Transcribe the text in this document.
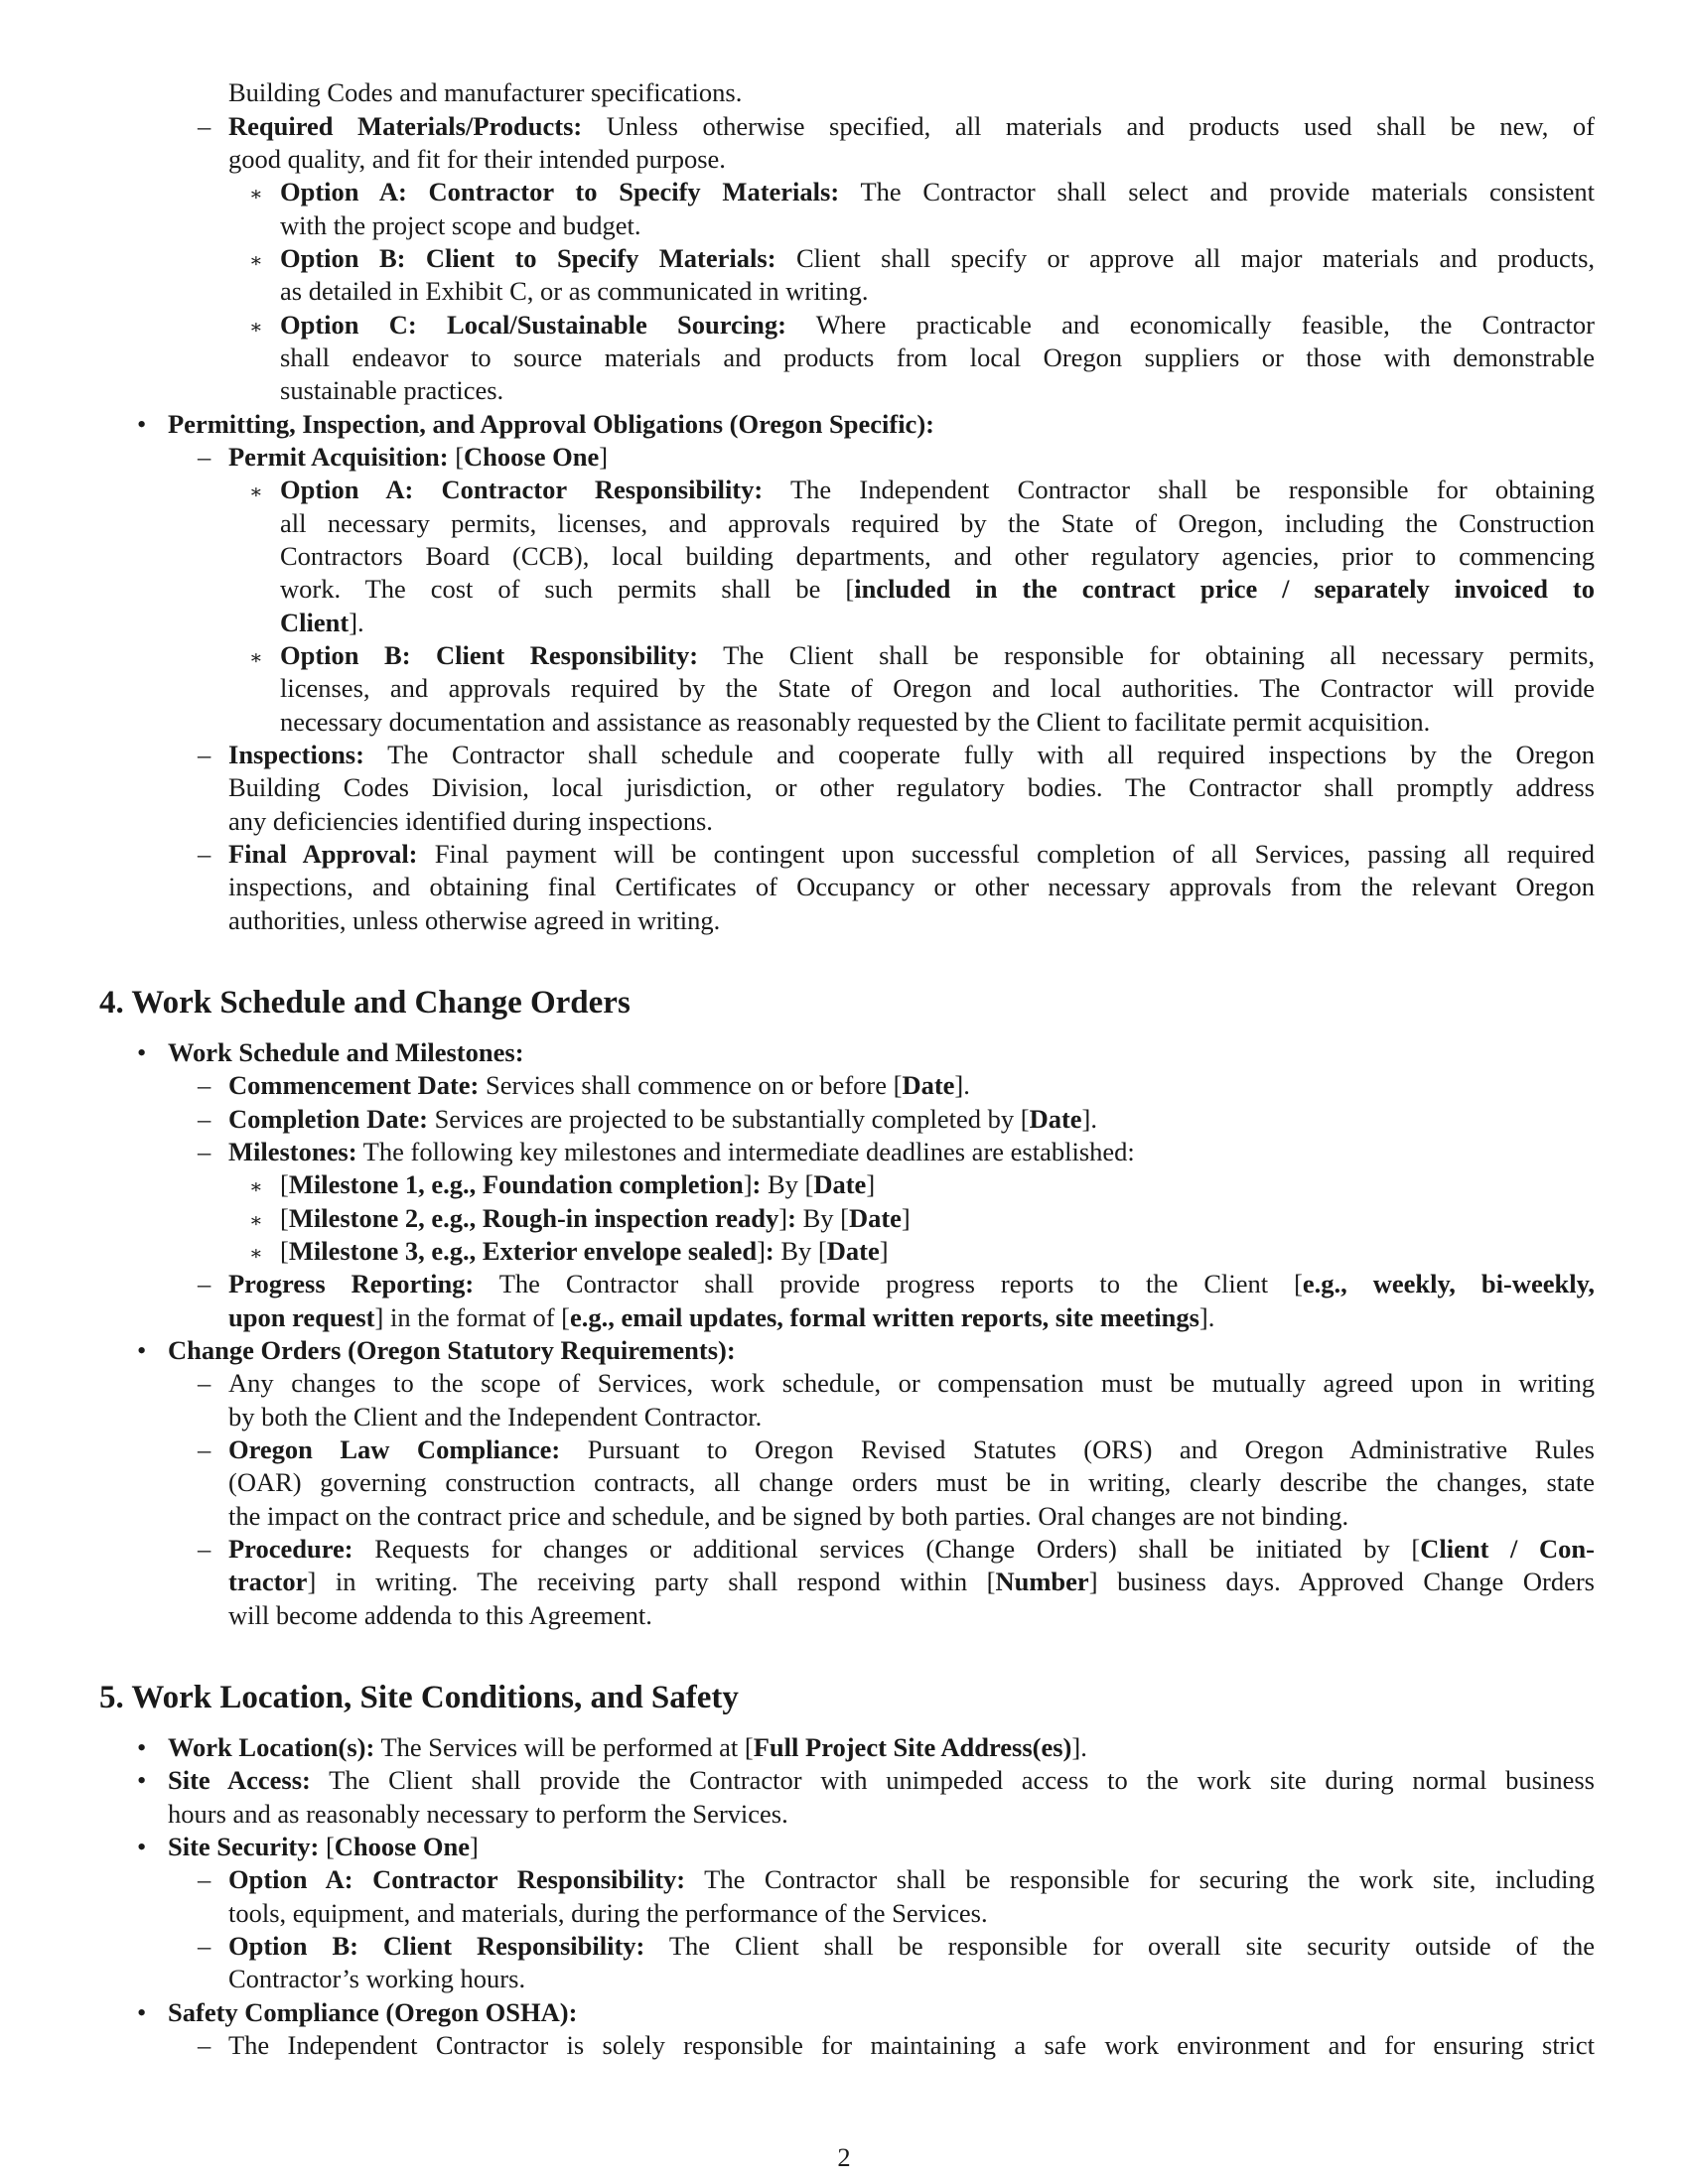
Building Codes and manufacturer specifications.
– Required Materials/Products: Unless otherwise specified, all materials and products used shall be new, of
good quality, and fit for their intended purpose.
∗ Option A: Contractor to Specify Materials: The Contractor shall select and provide materials consistent
with the project scope and budget.
∗ Option B: Client to Specify Materials: Client shall specify or approve all major materials and products,
as detailed in Exhibit C, or as communicated in writing.
∗ Option C: Local/Sustainable Sourcing: Where practicable and economically feasible, the Contractor
shall endeavor to source materials and products from local Oregon suppliers or those with demonstrable
sustainable practices.
• Permitting, Inspection, and Approval Obligations (Oregon Specific):
– Permit Acquisition: [Choose One]
∗ Option A: Contractor Responsibility: The Independent Contractor shall be responsible for obtaining
all necessary permits, licenses, and approvals required by the State of Oregon, including the Construction
Contractors Board (CCB), local building departments, and other regulatory agencies, prior to commencing
work. The cost of such permits shall be [included in the contract price / separately invoiced to
Client].
∗ Option B: Client Responsibility: The Client shall be responsible for obtaining all necessary permits,
licenses, and approvals required by the State of Oregon and local authorities. The Contractor will provide
necessary documentation and assistance as reasonably requested by the Client to facilitate permit acquisition.
– Inspections: The Contractor shall schedule and cooperate fully with all required inspections by the Oregon
Building Codes Division, local jurisdiction, or other regulatory bodies. The Contractor shall promptly address
any deficiencies identified during inspections.
– Final Approval: Final payment will be contingent upon successful completion of all Services, passing all required
inspections, and obtaining final Certificates of Occupancy or other necessary approvals from the relevant Oregon
authorities, unless otherwise agreed in writing.
4. Work Schedule and Change Orders
• Work Schedule and Milestones:
– Commencement Date: Services shall commence on or before [Date].
– Completion Date: Services are projected to be substantially completed by [Date].
– Milestones: The following key milestones and intermediate deadlines are established:
∗ [Milestone 1, e.g., Foundation completion]: By [Date]
∗ [Milestone 2, e.g., Rough-in inspection ready]: By [Date]
∗ [Milestone 3, e.g., Exterior envelope sealed]: By [Date]
– Progress Reporting: The Contractor shall provide progress reports to the Client [e.g., weekly, bi-weekly,
upon request] in the format of [e.g., email updates, formal written reports, site meetings].
• Change Orders (Oregon Statutory Requirements):
– Any changes to the scope of Services, work schedule, or compensation must be mutually agreed upon in writing
by both the Client and the Independent Contractor.
– Oregon Law Compliance: Pursuant to Oregon Revised Statutes (ORS) and Oregon Administrative Rules
(OAR) governing construction contracts, all change orders must be in writing, clearly describe the changes, state
the impact on the contract price and schedule, and be signed by both parties. Oral changes are not binding.
– Procedure: Requests for changes or additional services (Change Orders) shall be initiated by [Client / Con-
tractor] in writing. The receiving party shall respond within [Number] business days. Approved Change Orders
will become addenda to this Agreement.
5. Work Location, Site Conditions, and Safety
• Work Location(s): The Services will be performed at [Full Project Site Address(es)].
• Site Access: The Client shall provide the Contractor with unimpeded access to the work site during normal business
hours and as reasonably necessary to perform the Services.
• Site Security: [Choose One]
– Option A: Contractor Responsibility: The Contractor shall be responsible for securing the work site, including
tools, equipment, and materials, during the performance of the Services.
– Option B: Client Responsibility: The Client shall be responsible for overall site security outside of the
Contractor’s working hours.
• Safety Compliance (Oregon OSHA):
– The Independent Contractor is solely responsible for maintaining a safe work environment and for ensuring strict
2
